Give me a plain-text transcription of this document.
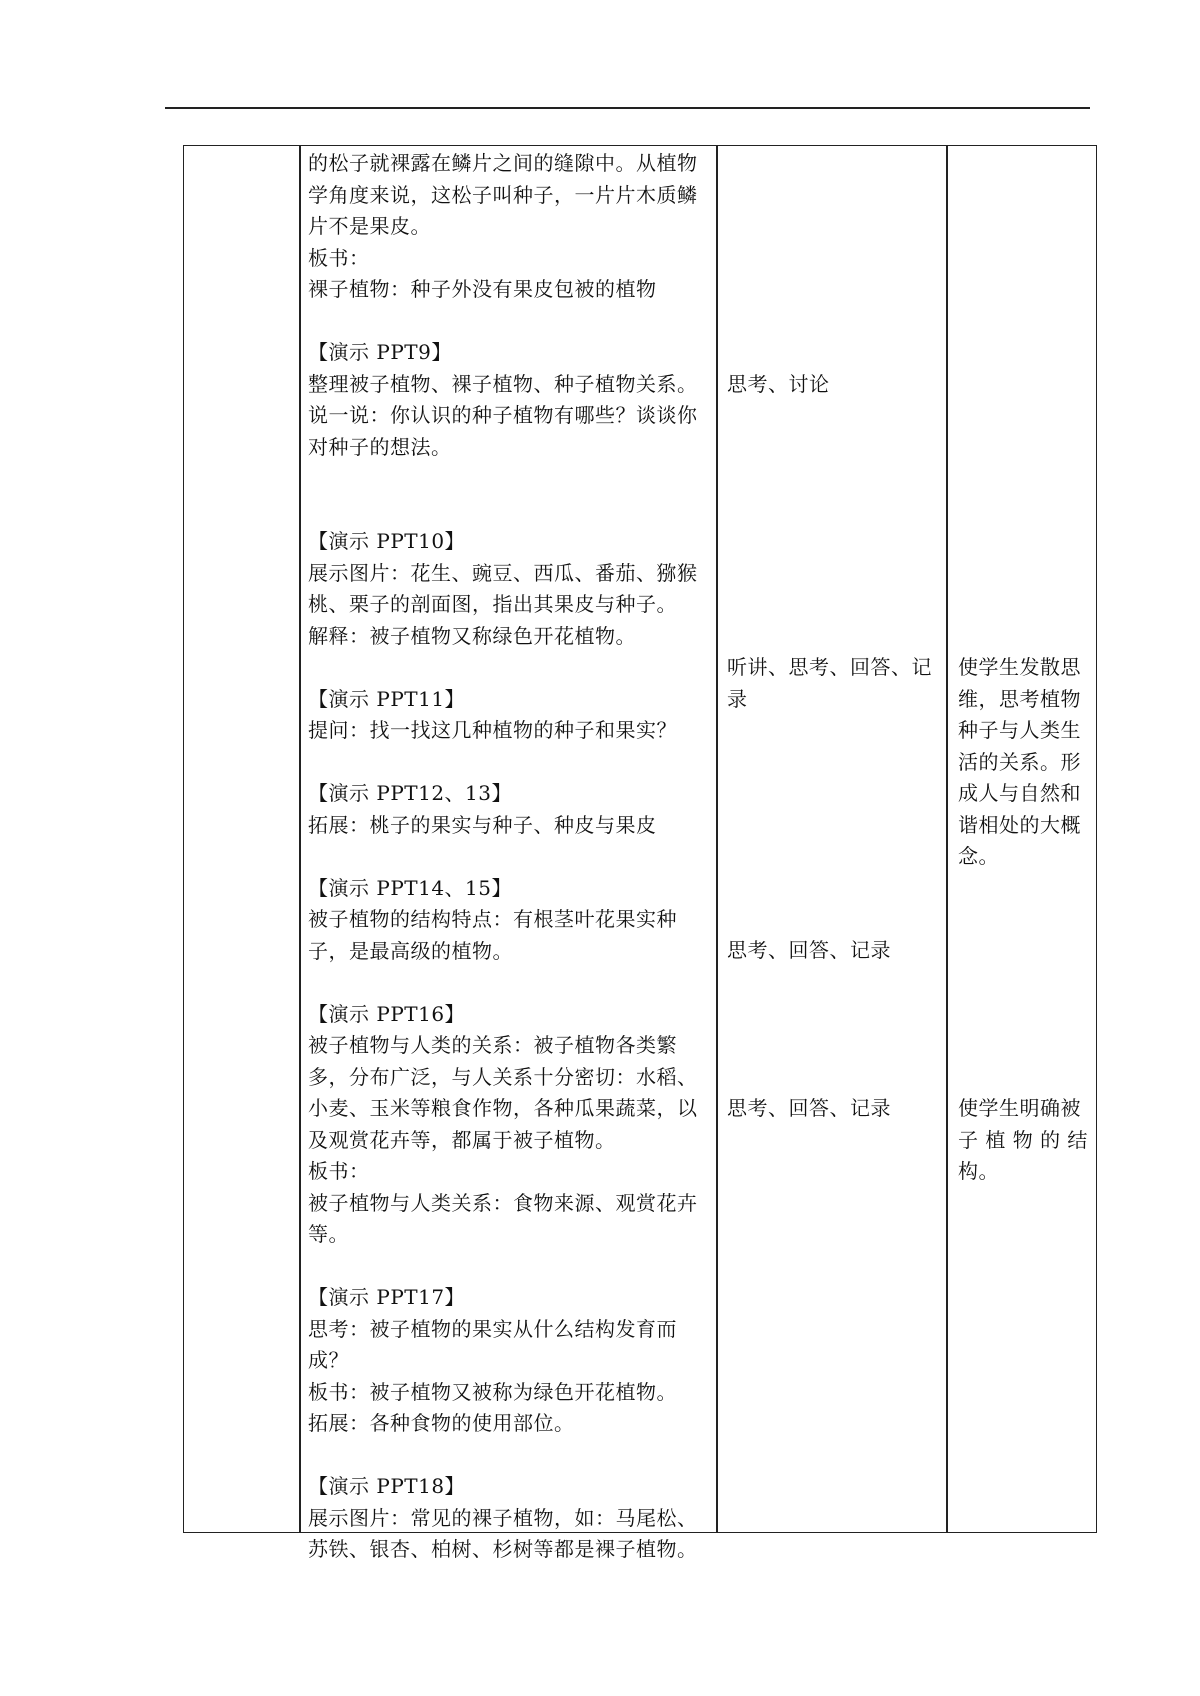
的松子就裸露在鳞片之间的缝隙中。从植物
学角度来说，这松子叫种子，一片片木质鳞
片不是果皮。
板书：
裸子植物：种子外没有果皮包被的植物
【演示 PPT9】
整理被子植物、裸子植物、种子植物关系。
说一说：你认识的种子植物有哪些？谈谈你
对种子的想法。
【演示 PPT10】
展示图片：花生、豌豆、西瓜、番茄、猕猴
桃、栗子的剖面图，指出其果皮与种子。
解释：被子植物又称绿色开花植物。
【演示 PPT11】
提问：找一找这几种植物的种子和果实？
【演示 PPT12、13】
拓展：桃子的果实与种子、种皮与果皮
【演示 PPT14、15】
被子植物的结构特点：有根茎叶花果实种
子，是最高级的植物。
【演示 PPT16】
被子植物与人类的关系：被子植物各类繁
多，分布广泛，与人关系十分密切：水稻、
小麦、玉米等粮食作物，各种瓜果蔬菜，以
及观赏花卉等，都属于被子植物。
板书：
被子植物与人类关系：食物来源、观赏花卉
等。
【演示 PPT17】
思考：被子植物的果实从什么结构发育而
成？
板书：被子植物又被称为绿色开花植物。
拓展：各种食物的使用部位。
【演示 PPT18】
展示图片：常见的裸子植物，如：马尾松、
苏铁、银杏、柏树、杉树等都是裸子植物。
思考、讨论
听讲、思考、回答、记
录
思考、回答、记录
思考、回答、记录
使学生发散思
维，思考植物
种子与人类生
活的关系。形
成人与自然和
谐相处的大概
念。
使学生明确被
子 植 物 的 结
构。
